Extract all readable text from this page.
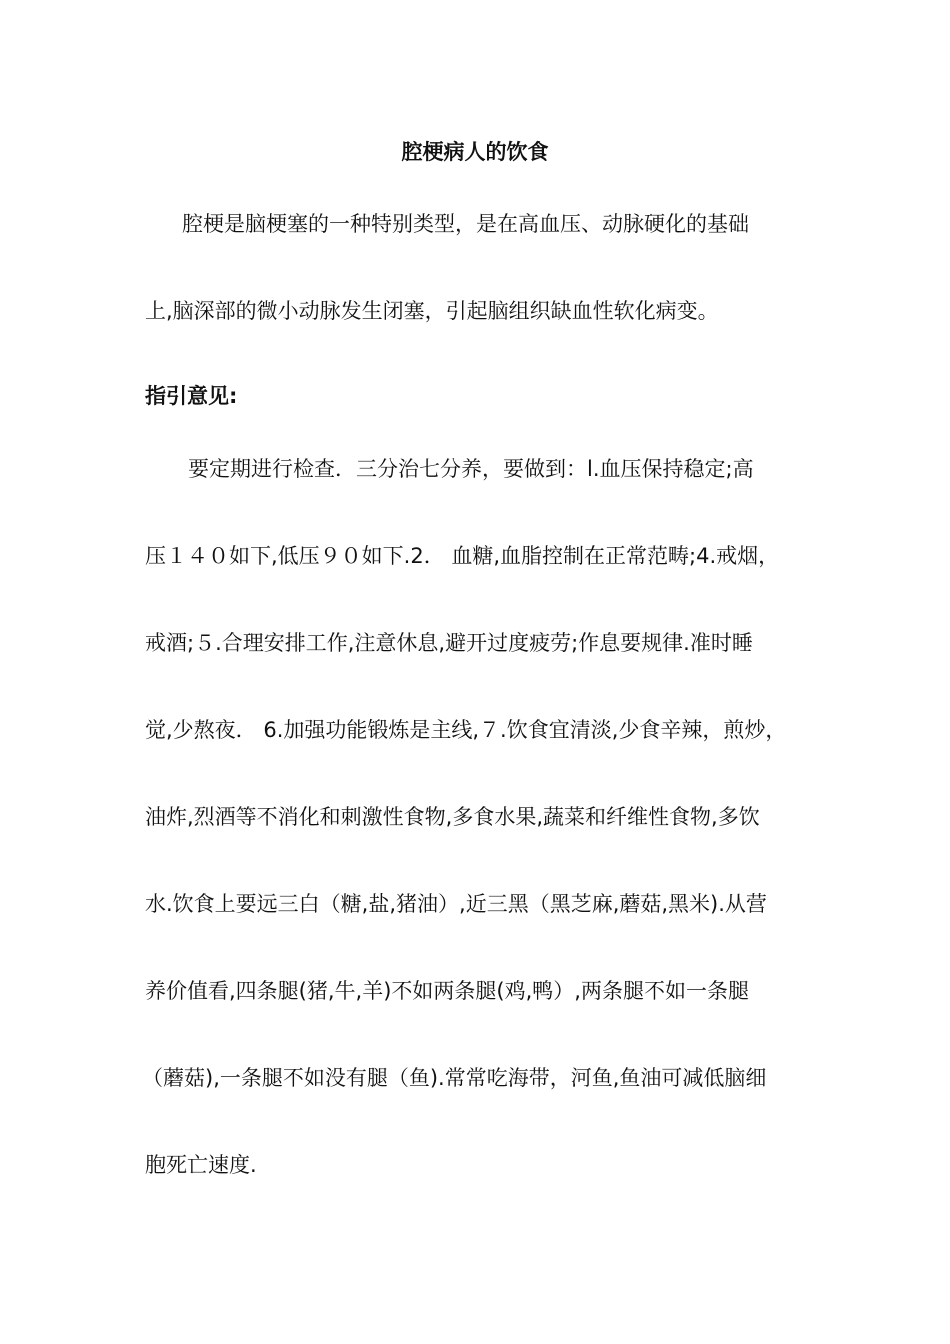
腔梗病人的饮食

腔梗是脑梗塞的一种特别类型，是在高血压、动脉硬化的基础

上,脑深部的微小动脉发生闭塞，引起脑组织缺血性软化病变。

指引意见:

要定期进行检查．三分治七分养，要做到：l.血压保持稳定;高

压１４０如下,低压９０如下.2． 血糖,血脂控制在正常范畴;4.戒烟，

戒酒;５.合理安排工作,注意休息,避开过度疲劳;作息要规律.准时睡

觉,少熬夜． 6.加强功能锻炼是主线,７.饮食宜清淡,少食辛辣，煎炒，

油炸,烈酒等不消化和刺激性食物,多食水果,蔬菜和纤维性食物,多饮

水.饮食上要远三白（糖,盐,猪油）,近三黑（黑芝麻,蘑菇,黑米).从营

养价值看,四条腿(猪,牛,羊)不如两条腿(鸡,鸭）,两条腿不如一条腿

（蘑菇),一条腿不如没有腿（鱼).常常吃海带，河鱼,鱼油可减低脑细

胞死亡速度.
